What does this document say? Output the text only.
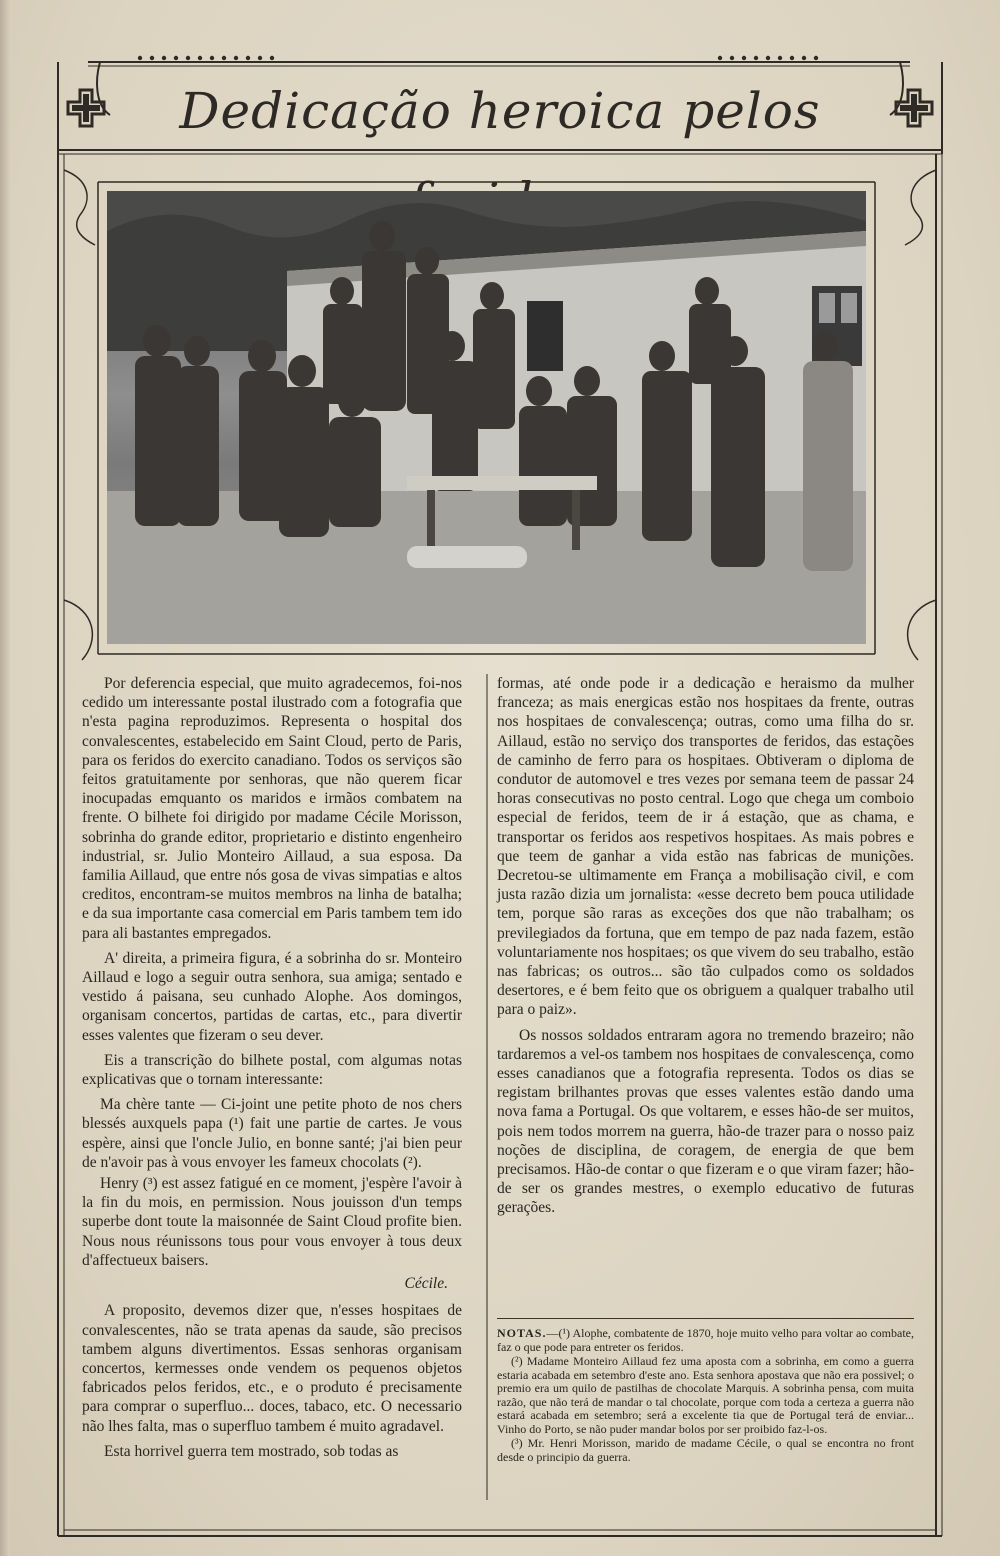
Dedicação heroica pelos

Por deferencia especial, que muito agradecemos, foi-nos cedido um interessante postal ilustrado com a fotografia que n'esta pagina reproduzimos. Representa o hospital dos convalescentes, estabelecido em Saint Cloud, perto de Paris, para os feridos do exercito canadiano. Todos os serviços são feitos gratuitamente por senhoras, que não querem ficar inocupadas emquanto os maridos e irmãos combatem na frente. O bilhete foi dirigido por madame Cécile Morisson, sobrinha do grande editor, proprietario e distinto engenheiro industrial, sr. Julio Monteiro Aillaud, a sua esposa. Da familia Aillaud, que entre nós gosa de vivas simpatias e altos creditos, encontram-se muitos membros na linha de batalha; e da sua importante casa comercial em Paris tambem tem ido para ali bastantes empregados.

A' direita, a primeira figura, é a sobrinha do sr. Monteiro Aillaud e logo a seguir outra senhora, sua amiga; sentado e vestido á paisana, seu cunhado Alophe. Aos domingos, organisam concertos, partidas de cartas, etc., para divertir esses valentes que fizeram o seu dever.

Eis a transcrição do bilhete postal, com algumas notas explicativas que o tornam interessante:

Ma chère tante — Ci-joint une petite photo de nos chers blessés auxquels papa (¹) fait une partie de cartes. Je vous espère, ainsi que l'oncle Julio, en bonne santé; j'ai bien peur de n'avoir pas à vous envoyer les fameux chocolats (²).

Henry (³) est assez fatigué en ce moment, j'espère l'avoir à la fin du mois, en permission. Nous jouisson d'un temps superbe dont toute la maisonnée de Saint Cloud profite bien. Nous nous réunissons tous pour vous envoyer à tous deux d'affectueux baisers.

Cécile.

A proposito, devemos dizer que, n'esses hospitaes de convalescentes, não se trata apenas da saude, são precisos tambem alguns divertimentos. Essas senhoras organisam concertos, kermesses onde vendem os pequenos objetos fabricados pelos feridos, etc., e o produto é precisamente para comprar o superfluo... doces, tabaco, etc. O necessario não lhes falta, mas o superfluo tambem é muito agradavel.

Esta horrivel guerra tem mostrado, sob todas as

formas, até onde pode ir a dedicação e heraismo da mulher franceza; as mais energicas estão nos hospitaes da frente, outras nos hospitaes de convalescença; outras, como uma filha do sr. Aillaud, estão no serviço dos transportes de feridos, das estações de caminho de ferro para os hospitaes. Obtiveram o diploma de condutor de automovel e tres vezes por semana teem de passar 24 horas consecutivas no posto central. Logo que chega um comboio especial de feridos, teem de ir á estação, que as chama, e transportar os feridos aos respetivos hospitaes. As mais pobres e que teem de ganhar a vida estão nas fabricas de munições. Decretou-se ultimamente em França a mobilisação civil, e com justa razão dizia um jornalista: «esse decreto bem pouca utilidade tem, porque são raras as exceções dos que não trabalham; os previlegiados da fortuna, que em tempo de paz nada fazem, estão voluntariamente nos hospitaes; os que vivem do seu trabalho, estão nas fabricas; os outros... são tão culpados como os soldados desertores, e é bem feito que os obriguem a qualquer trabalho util para o paiz».

Os nossos soldados entraram agora no tremendo brazeiro; não tardaremos a vel-os tambem nos hospitaes de convalescença, como esses canadianos que a fotografia representa. Todos os dias se registam brilhantes provas que esses valentes estão dando uma nova fama a Portugal. Os que voltarem, e esses hão-de ser muitos, pois nem todos morrem na guerra, hão-de trazer para o nosso paiz noções de disciplina, de coragem, de energia de que bem precisamos. Hão-de contar o que fizeram e o que viram fazer; hão-de ser os grandes mestres, o exemplo educativo de futuras gerações.

NOTAS.—(¹) Alophe, combatente de 1870, hoje muito velho para voltar ao combate, faz o que pode para entreter os feridos.

(²) Madame Monteiro Aillaud fez uma aposta com a sobrinha, em como a guerra estaria acabada em setembro d'este ano. Esta senhora apostava que não era possivel; o premio era um quilo de pastilhas de chocolate Marquis. A sobrinha pensa, com muita razão, que não terá de mandar o tal chocolate, porque com toda a certeza a guerra não estará acabada em setembro; será a excelente tia que de Portugal terá de enviar... Vinho do Porto, se não puder mandar bolos por ser proibido faz-l-os.

(³) Mr. Henri Morisson, marido de madame Cécile, o qual se encontra no front desde o principio da guerra.
